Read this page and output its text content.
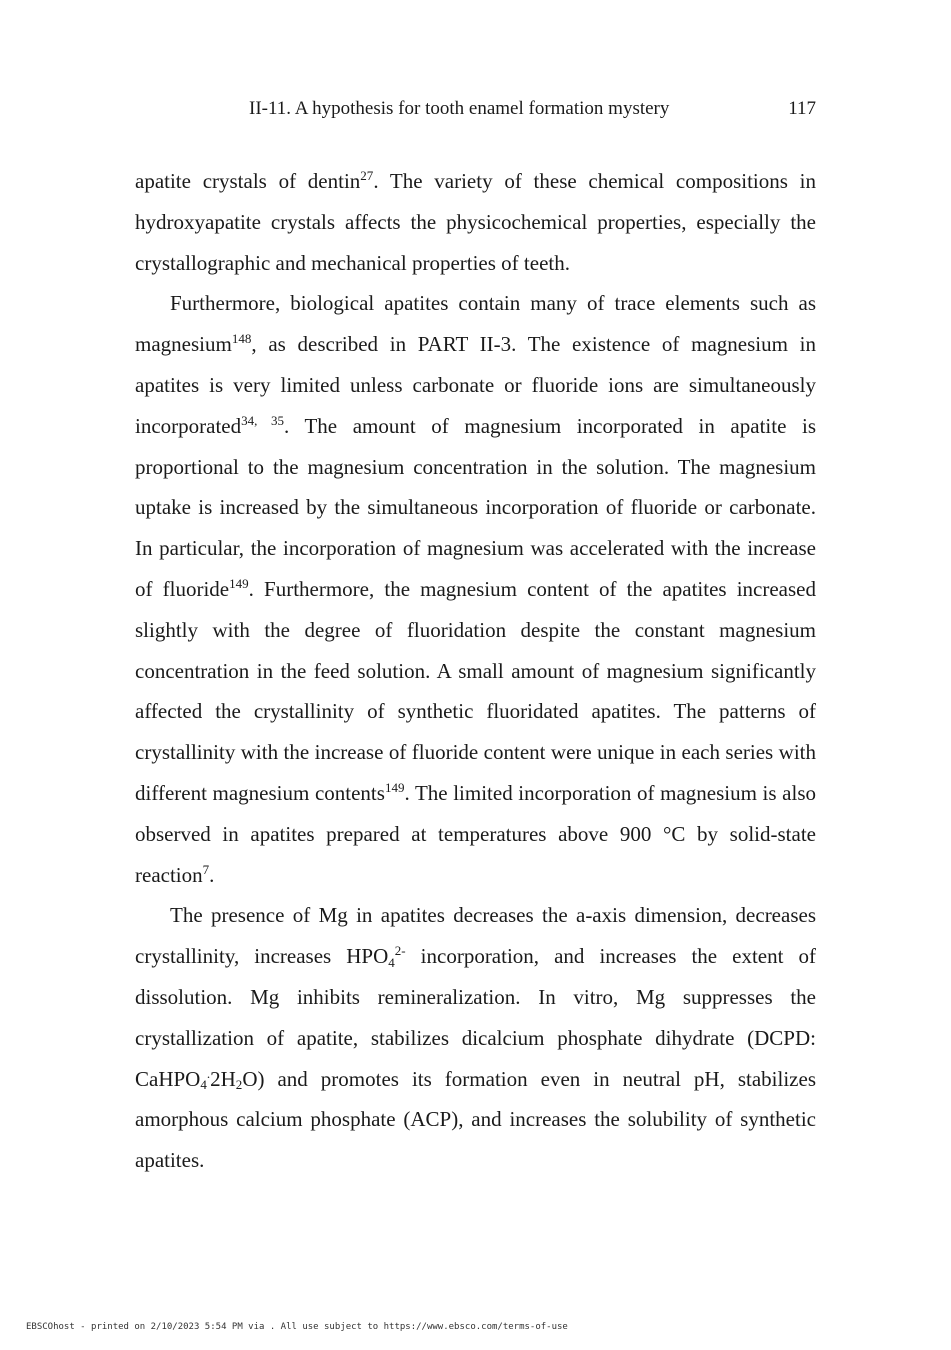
II-11. A hypothesis for tooth enamel formation mystery	117

apatite crystals of dentin$^{27}$. The variety of these chemical compositions in hydroxyapatite crystals affects the physicochemical properties, especially the crystallographic and mechanical properties of teeth.

Furthermore, biological apatites contain many of trace elements such as magnesium$^{148}$, as described in PART II-3. The existence of magnesium in apatites is very limited unless carbonate or fluoride ions are simultaneously incorporated$^{34, 35}$. The amount of magnesium incorporated in apatite is proportional to the magnesium concentration in the solution. The magnesium uptake is increased by the simultaneous incorporation of fluoride or carbonate. In particular, the incorporation of magnesium was accelerated with the increase of fluoride$^{149}$. Furthermore, the magnesium content of the apatites increased slightly with the degree of fluoridation despite the constant magnesium concentration in the feed solution. A small amount of magnesium significantly affected the crystallinity of synthetic fluoridated apatites. The patterns of crystallinity with the increase of fluoride content were unique in each series with different magnesium contents$^{149}$. The limited incorporation of magnesium is also observed in apatites prepared at temperatures above 900 °C by solid-state reaction$^7$.

The presence of Mg in apatites decreases the a-axis dimension, decreases crystallinity, increases $HPO_4^{2-}$ incorporation, and increases the extent of dissolution. Mg inhibits remineralization. In vitro, Mg suppresses the crystallization of apatite, stabilizes dicalcium phosphate dihydrate (DCPD: $CaHPO_4^.2H_2O$) and promotes its formation even in neutral pH, stabilizes amorphous calcium phosphate (ACP), and increases the solubility of synthetic apatites.

EBSCOhost - printed on 2/10/2023 5:54 PM via . All use subject to https://www.ebsco.com/terms-of-use
